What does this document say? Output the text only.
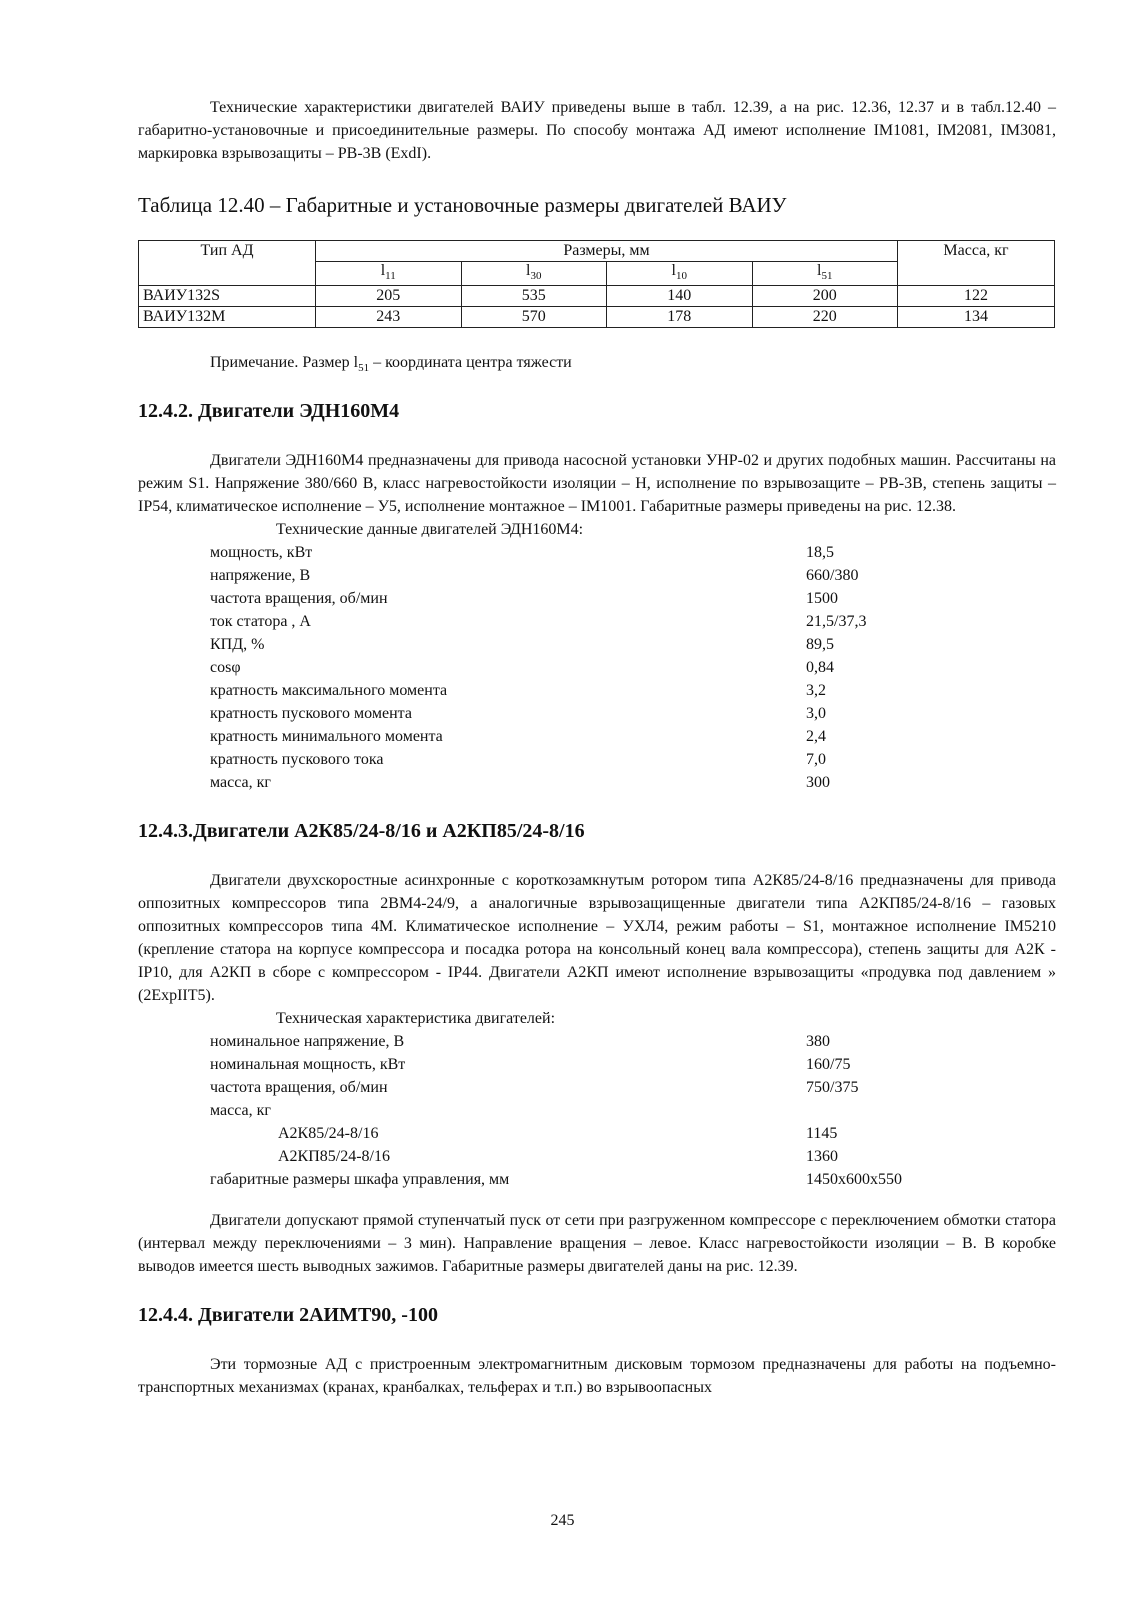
Технические характеристики двигателей ВАИУ приведены выше в табл. 12.39, а на рис. 12.36, 12.37 и в табл.12.40 – габаритно-установочные и присоединительные размеры. По способу монтажа АД имеют исполнение IM1081, IM2081, IM3081, маркировка взрывозащиты – РВ-3В (ExdI).

Таблица 12.40 – Габаритные и установочные размеры двигателей ВАИУ
Тип АД	Размеры, мм				Масса, кг
	$l_{11}$	$l_{30}$	$l_{10}$	$l_{51}$
ВАИУ132S	205	535	140	200	122
ВАИУ132M	243	570	178	220	134
Примечание. Размер $l_{51}$ – координата центра тяжести
12.4.2. Двигатели ЭДН160М4

Двигатели ЭДН160М4 предназначены для привода насосной установки УНР-02 и других подобных машин. Рассчитаны на режим S1. Напряжение 380/660 В, класс нагревостойкости изоляции – Н, исполнение по взрывозащите – РВ-3В, степень защиты – IP54, климатическое исполнение – У5, исполнение монтажное – IM1001. Габаритные размеры приведены на рис. 12.38.

Технические данные двигателей ЭДН160М4:
мощность, кВт	18,5
напряжение, В	660/380
частота вращения, об/мин	1500
ток статора , А	21,5/37,3
КПД, %	89,5
cosφ	0,84
кратность максимального момента	3,2
кратность пускового момента	3,0
кратность минимального момента	2,4
кратность пускового тока	7,0
масса, кг	300
12.4.3.Двигатели А2К85/24-8/16 и А2КП85/24-8/16

Двигатели двухскоростные асинхронные с короткозамкнутым ротором типа А2К85/24-8/16 предназначены для привода оппозитных компрессоров типа 2ВМ4-24/9, а аналогичные взрывозащищенные двигатели типа А2КП85/24-8/16 – газовых оппозитных компрессоров типа 4М. Климатическое исполнение – УХЛ4, режим работы – S1, монтажное исполнение IM5210 (крепление статора на корпусе компрессора и посадка ротора на консольный конец вала компрессора), степень защиты для А2К - IP10, для А2КП в сборе с компрессором - IP44. Двигатели А2КП имеют исполнение взрывозащиты «продувка под давлением » (2ExpIIT5).

Техническая характеристика двигателей:
номинальное напряжение, В	380
номинальная мощность, кВт	160/75
частота вращения, об/мин	750/375
масса, кг
А2К85/24-8/16	1145
А2КП85/24-8/16	1360
габаритные размеры шкафа управления, мм	1450x600x550

Двигатели допускают прямой ступенчатый пуск от сети при разгруженном компрессоре с переключением обмотки статора (интервал между переключениями – 3 мин). Направление вращения – левое. Класс нагревостойкости изоляции – В. В коробке выводов имеется шесть выводных зажимов. Габаритные размеры двигателей даны на рис. 12.39.

12.4.4. Двигатели 2АИМТ90, -100

Эти тормозные АД с пристроенным электромагнитным дисковым тормозом предназначены для работы на подъемно-транспортных механизмах (кранах, кранбалках, тельферах и т.п.) во взрывоопасных

245
